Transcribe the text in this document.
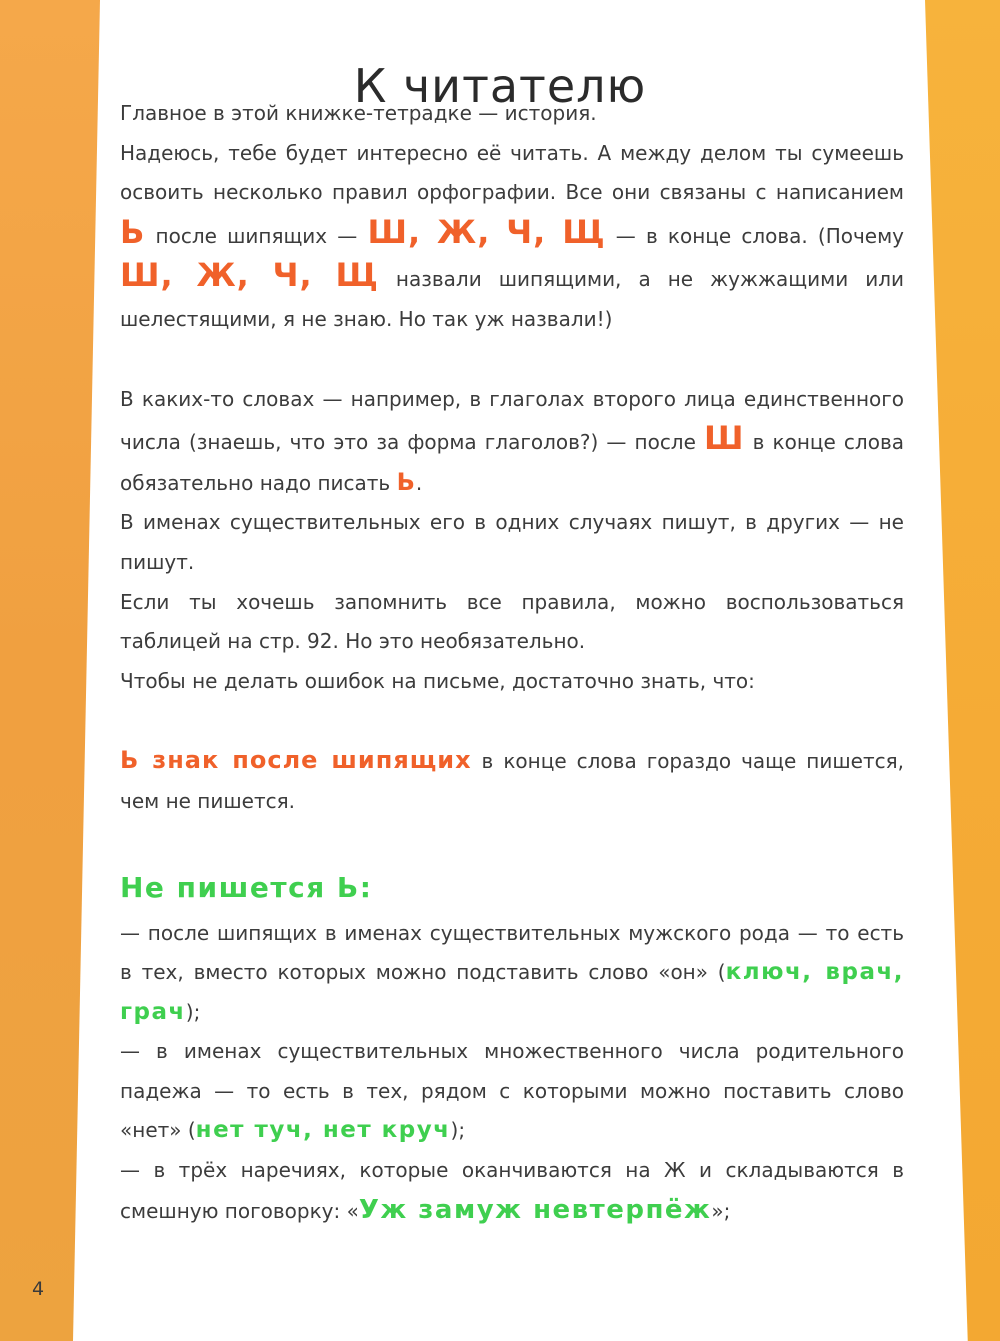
К читателю

Главное в этой книжке-тетрадке — история.

Надеюсь, тебе будет интересно её читать. А между делом ты сумеешь освоить несколько правил орфографии. Все они связаны с написанием Ь после шипящих — Ш, Ж, Ч, Щ — в конце слова. (Почему Ш, Ж, Ч, Щ назвали шипящими, а не жужжащими или шелестящими, я не знаю. Но так уж назвали!)

В каких-то словах — например, в глаголах второго лица единственного числа (знаешь, что это за форма глаголов?) — после Ш в конце слова обязательно надо писать Ь.

В именах существительных его в одних случаях пишут, в других — не пишут.

Если ты хочешь запомнить все правила, можно воспользоваться таблицей на стр. 92. Но это необязательно.

Чтобы не делать ошибок на письме, достаточно знать, что:

Ь знак после шипящих в конце слова гораздо чаще пишется, чем не пишется.

Не пишется Ь:

— после шипящих в именах существительных мужского рода — то есть в тех, вместо которых можно подставить слово «он» (ключ, врач, грач);

— в именах существительных множественного числа родительного падежа — то есть в тех, рядом с которыми можно поставить слово «нет» (нет туч, нет круч);

— в трёх наречиях, которые оканчиваются на Ж и складываются в смешную поговорку: «Уж замуж невтерпёж»;

4
